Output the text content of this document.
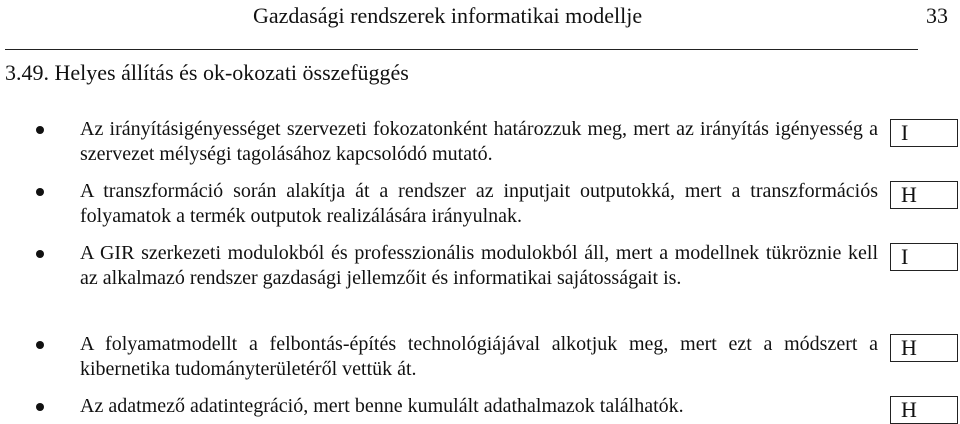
Gazdasági rendszerek informatikai modellje	33
3.49. Helyes állítás és ok-okozati összefüggés
Az irányításigényességet szervezeti fokozatonként határozzuk meg, mert az irányítás igényesség a szervezet mélységi tagolásához kapcsolódó mutató.
I
A transzformáció során alakítja át a rendszer az inputjait outputokká, mert a transzformációs folyamatok a termék outputok realizálására irányulnak.
H
A GIR szerkezeti modulokból és professzionális modulokból áll, mert a modellnek tükröznie kell az alkalmazó rendszer gazdasági jellemzőit és informatikai sajátosságait is.
I
A folyamatmodellt a felbontás-építés technológiájával alkotjuk meg, mert ezt a módszert a kibernetika tudományterületéről vettük át.
H
Az adatmező adatintegráció, mert benne kumulált adathalmazok találhatók.	H
